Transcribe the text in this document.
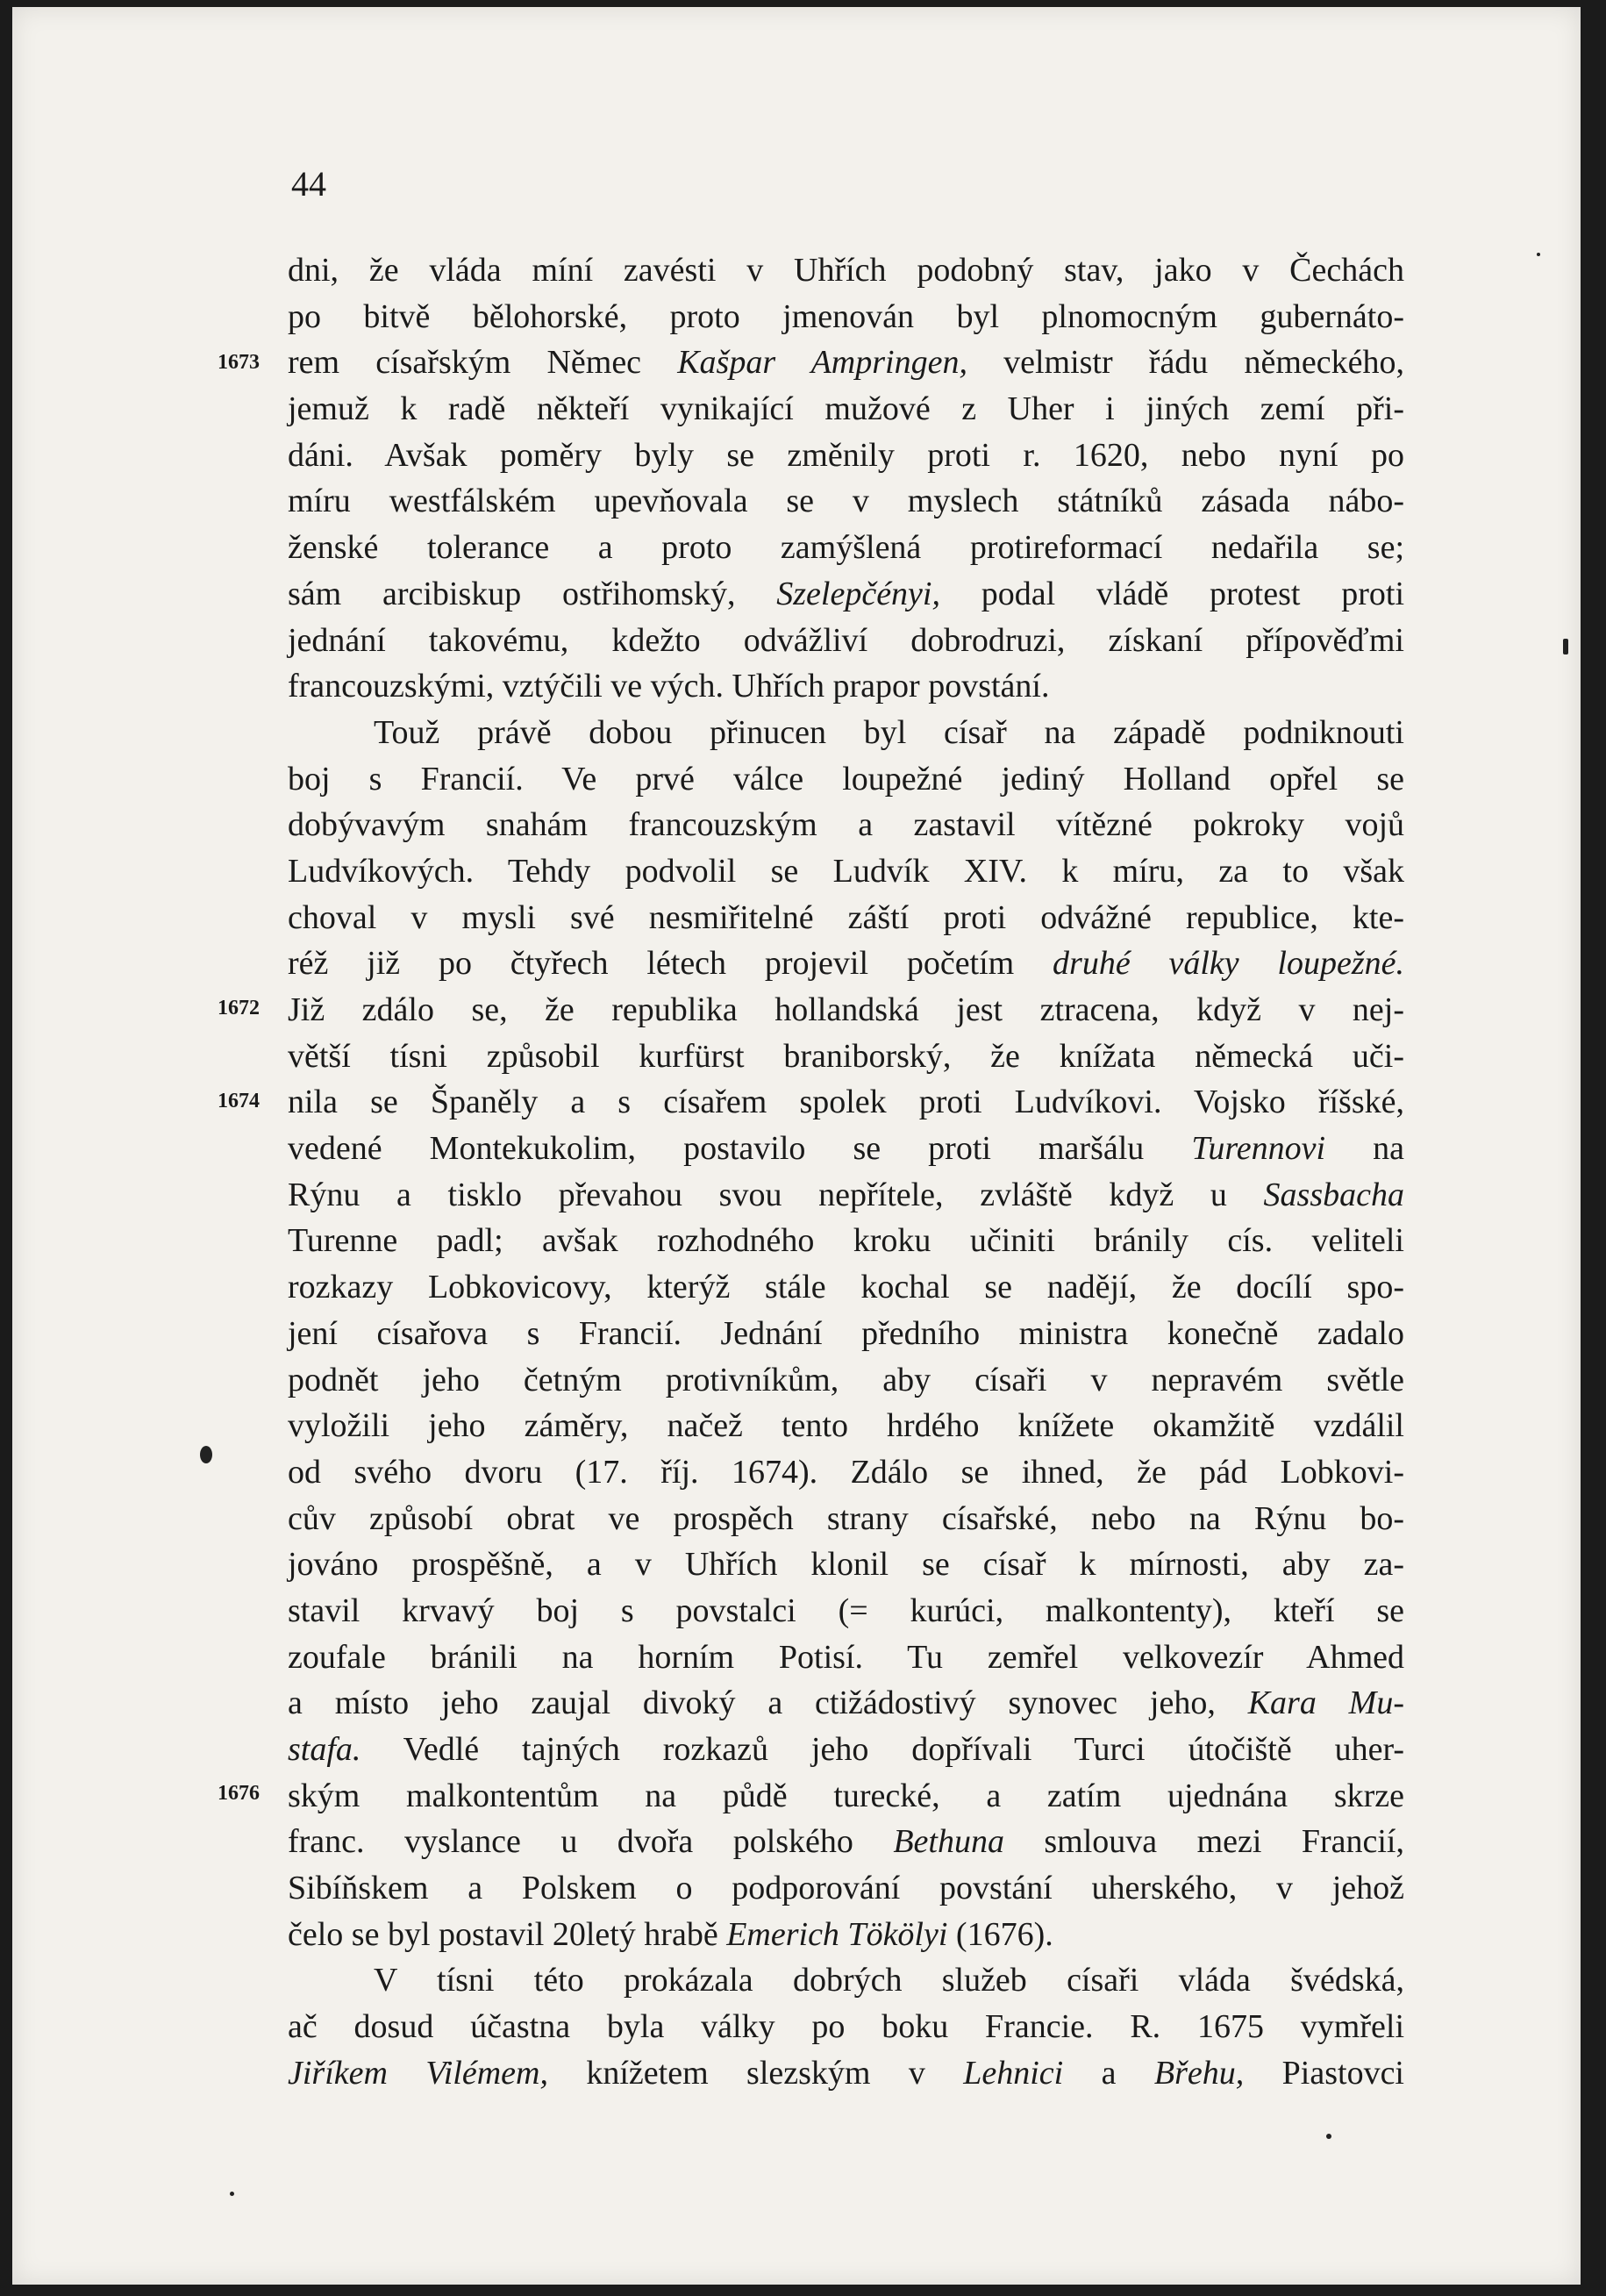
44
dni, že vláda míní zavésti v Uhřích podobný stav, jako v Čechách
po bitvě bělohorské, proto jmenován byl plnomocným gubernáto-
rem císařským Němec Kašpar Ampringen, velmistr řádu německého,
jemuž k radě někteří vynikající mužové z Uher i jiných zemí při-
dáni. Avšak poměry byly se změnily proti r. 1620, nebo nyní po
míru westfálském upevňovala se v myslech státníků zásada nábo-
ženské tolerance a proto zamýšlená protireformací nedařila se;
sám arcibiskup ostřihomský, Szelepčényi, podal vládě protest proti
jednání takovému, kdežto odvážliví dobrodruzi, získaní přípověďmi
francouzskými, vztýčili ve vých. Uhřích prapor povstání.
Touž právě dobou přinucen byl císař na západě podniknouti
boj s Francií. Ve prvé válce loupežné jediný Holland opřel se
dobývavým snahám francouzským a zastavil vítězné pokroky vojů
Ludvíkových. Tehdy podvolil se Ludvík XIV. k míru, za to však
choval v mysli své nesmiřitelné záští proti odvážné republice, kte-
réž již po čtyřech létech projevil početím druhé války loupežné.
Již zdálo se, že republika hollandská jest ztracena, když v nej-
větší tísni způsobil kurfürst braniborský, že knížata německá uči-
nila se Španěly a s císařem spolek proti Ludvíkovi. Vojsko říšské,
vedené Montekukolim, postavilo se proti maršálu Turennovi na
Rýnu a tisklo převahou svou nepřítele, zvláště když u Sassbacha
Turenne padl; avšak rozhodného kroku učiniti bránily cís. veliteli
rozkazy Lobkovicovy, kterýž stále kochal se nadějí, že docílí spo-
jení císařova s Francií. Jednání předního ministra konečně zadalo
podnět jeho četným protivníkům, aby císaři v nepravém světle
vyložili jeho záměry, načež tento hrdého knížete okamžitě vzdálil
od svého dvoru (17. říj. 1674). Zdálo se ihned, že pád Lobkovi-
cův způsobí obrat ve prospěch strany císařské, nebo na Rýnu bo-
jováno prospěšně, a v Uhřích klonil se císař k mírnosti, aby za-
stavil krvavý boj s povstalci (= kurúci, malkontenty), kteří se
zoufale bránili na horním Potisí. Tu zemřel velkovezír Ahmed
a místo jeho zaujal divoký a ctižádostivý synovec jeho, Kara Mu-
stafa. Vedlé tajných rozkazů jeho dopřívali Turci útočiště uher-
ským malkontentům na půdě turecké, a zatím ujednána skrze
franc. vyslance u dvořa polského Bethuna smlouva mezi Francií,
Sibíňskem a Polskem o podporování povstání uherského, v jehož
čelo se byl postavil 20letý hrabě Emerich Tökölyi (1676).
V tísni této prokázala dobrých služeb císaři vláda švédská,
ač dosud účastna byla války po boku Francie. R. 1675 vymřeli
Jiříkem Vilémem, knížetem slezským v Lehnici a Břehu, Piastovci
1673
1672
1674
1676
